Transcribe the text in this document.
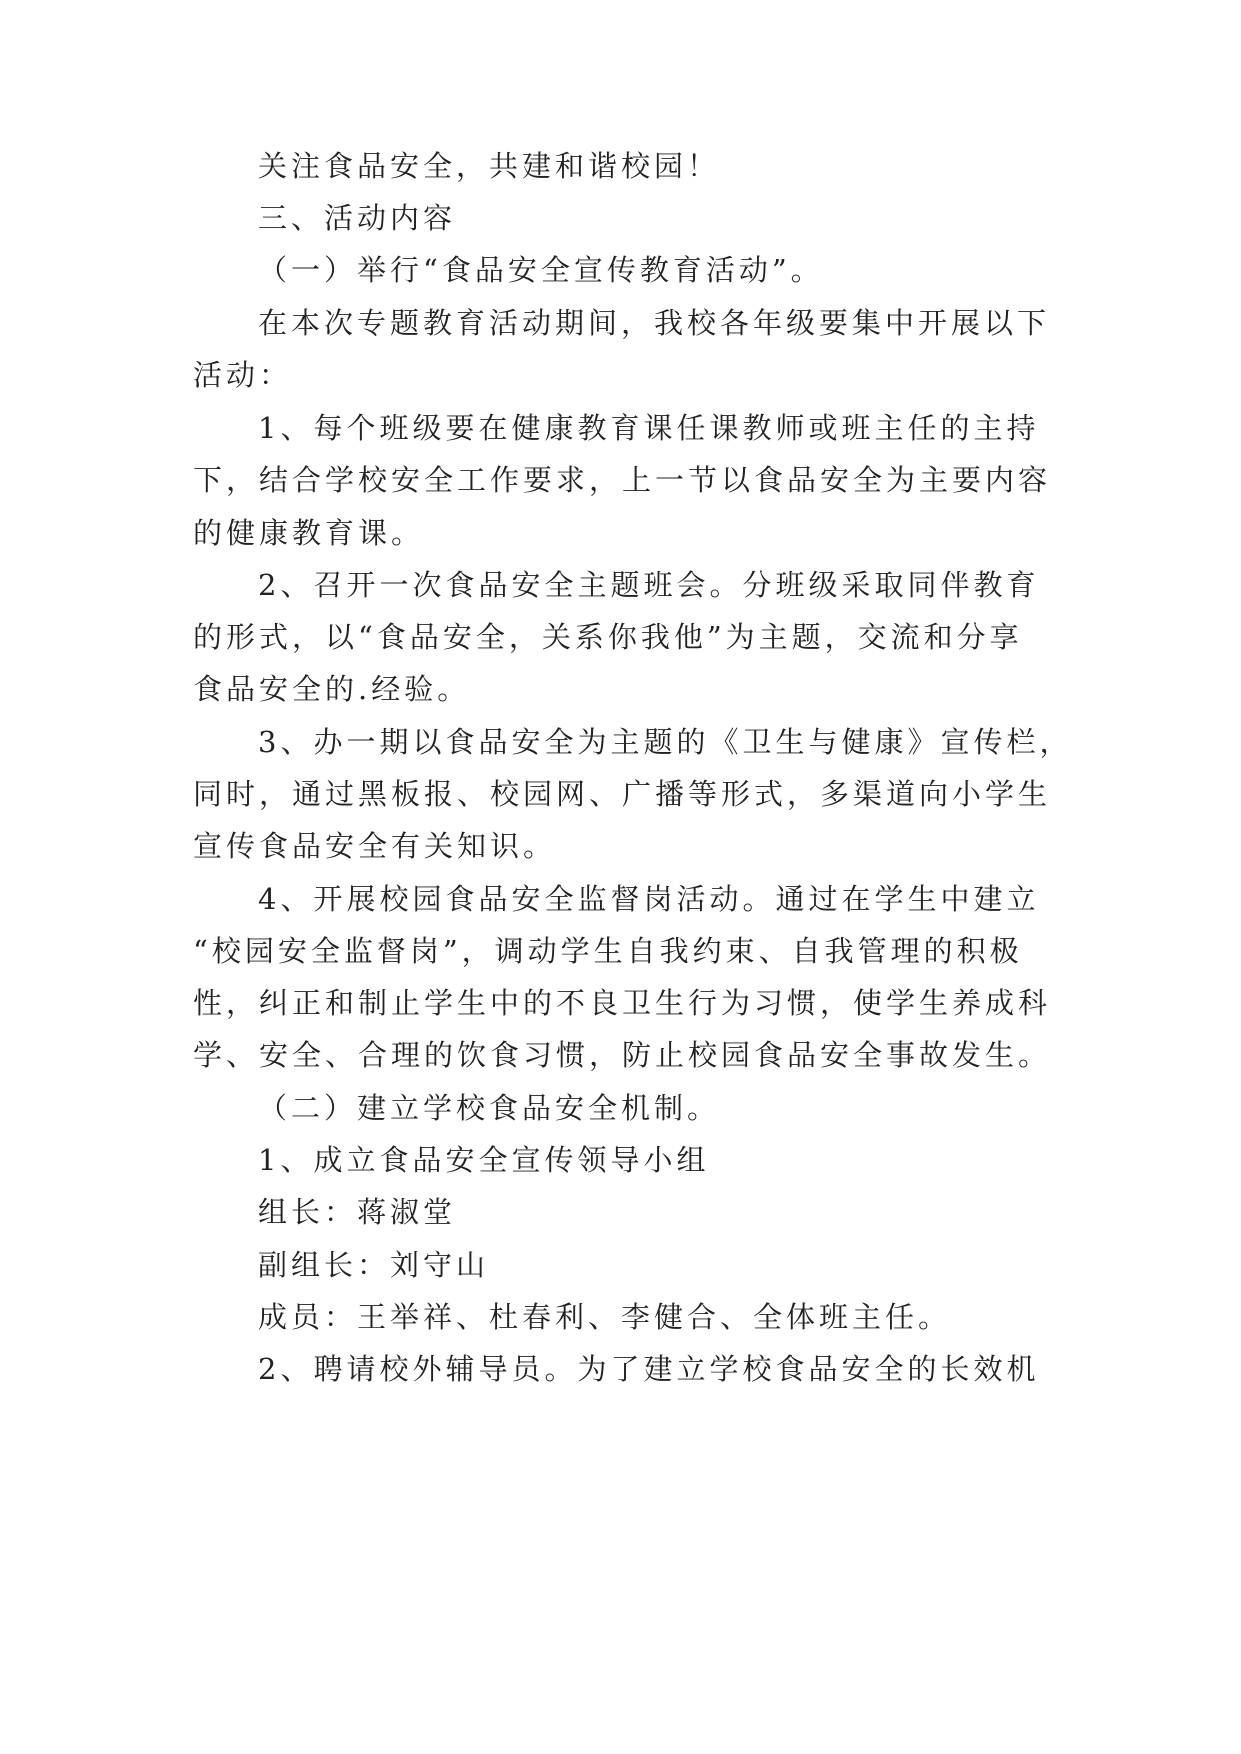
关注食品安全，共建和谐校园！
三、活动内容
（一）举行“食品安全宣传教育活动”。
在本次专题教育活动期间，我校各年级要集中开展以下
活动：
1、每个班级要在健康教育课任课教师或班主任的主持
下，结合学校安全工作要求，上一节以食品安全为主要内容
的健康教育课。
2、召开一次食品安全主题班会。分班级采取同伴教育
的形式，以“食品安全，关系你我他”为主题，交流和分享
食品安全的.经验。
3、办一期以食品安全为主题的《卫生与健康》宣传栏，
同时，通过黑板报、校园网、广播等形式，多渠道向小学生
宣传食品安全有关知识。
4、开展校园食品安全监督岗活动。通过在学生中建立
“校园安全监督岗”，调动学生自我约束、自我管理的积极
性，纠正和制止学生中的不良卫生行为习惯，使学生养成科
学、安全、合理的饮食习惯，防止校园食品安全事故发生。
（二）建立学校食品安全机制。
1、成立食品安全宣传领导小组
组长：蒋淑堂
副组长：刘守山
成员：王举祥、杜春利、李健合、全体班主任。
2、聘请校外辅导员。为了建立学校食品安全的长效机
